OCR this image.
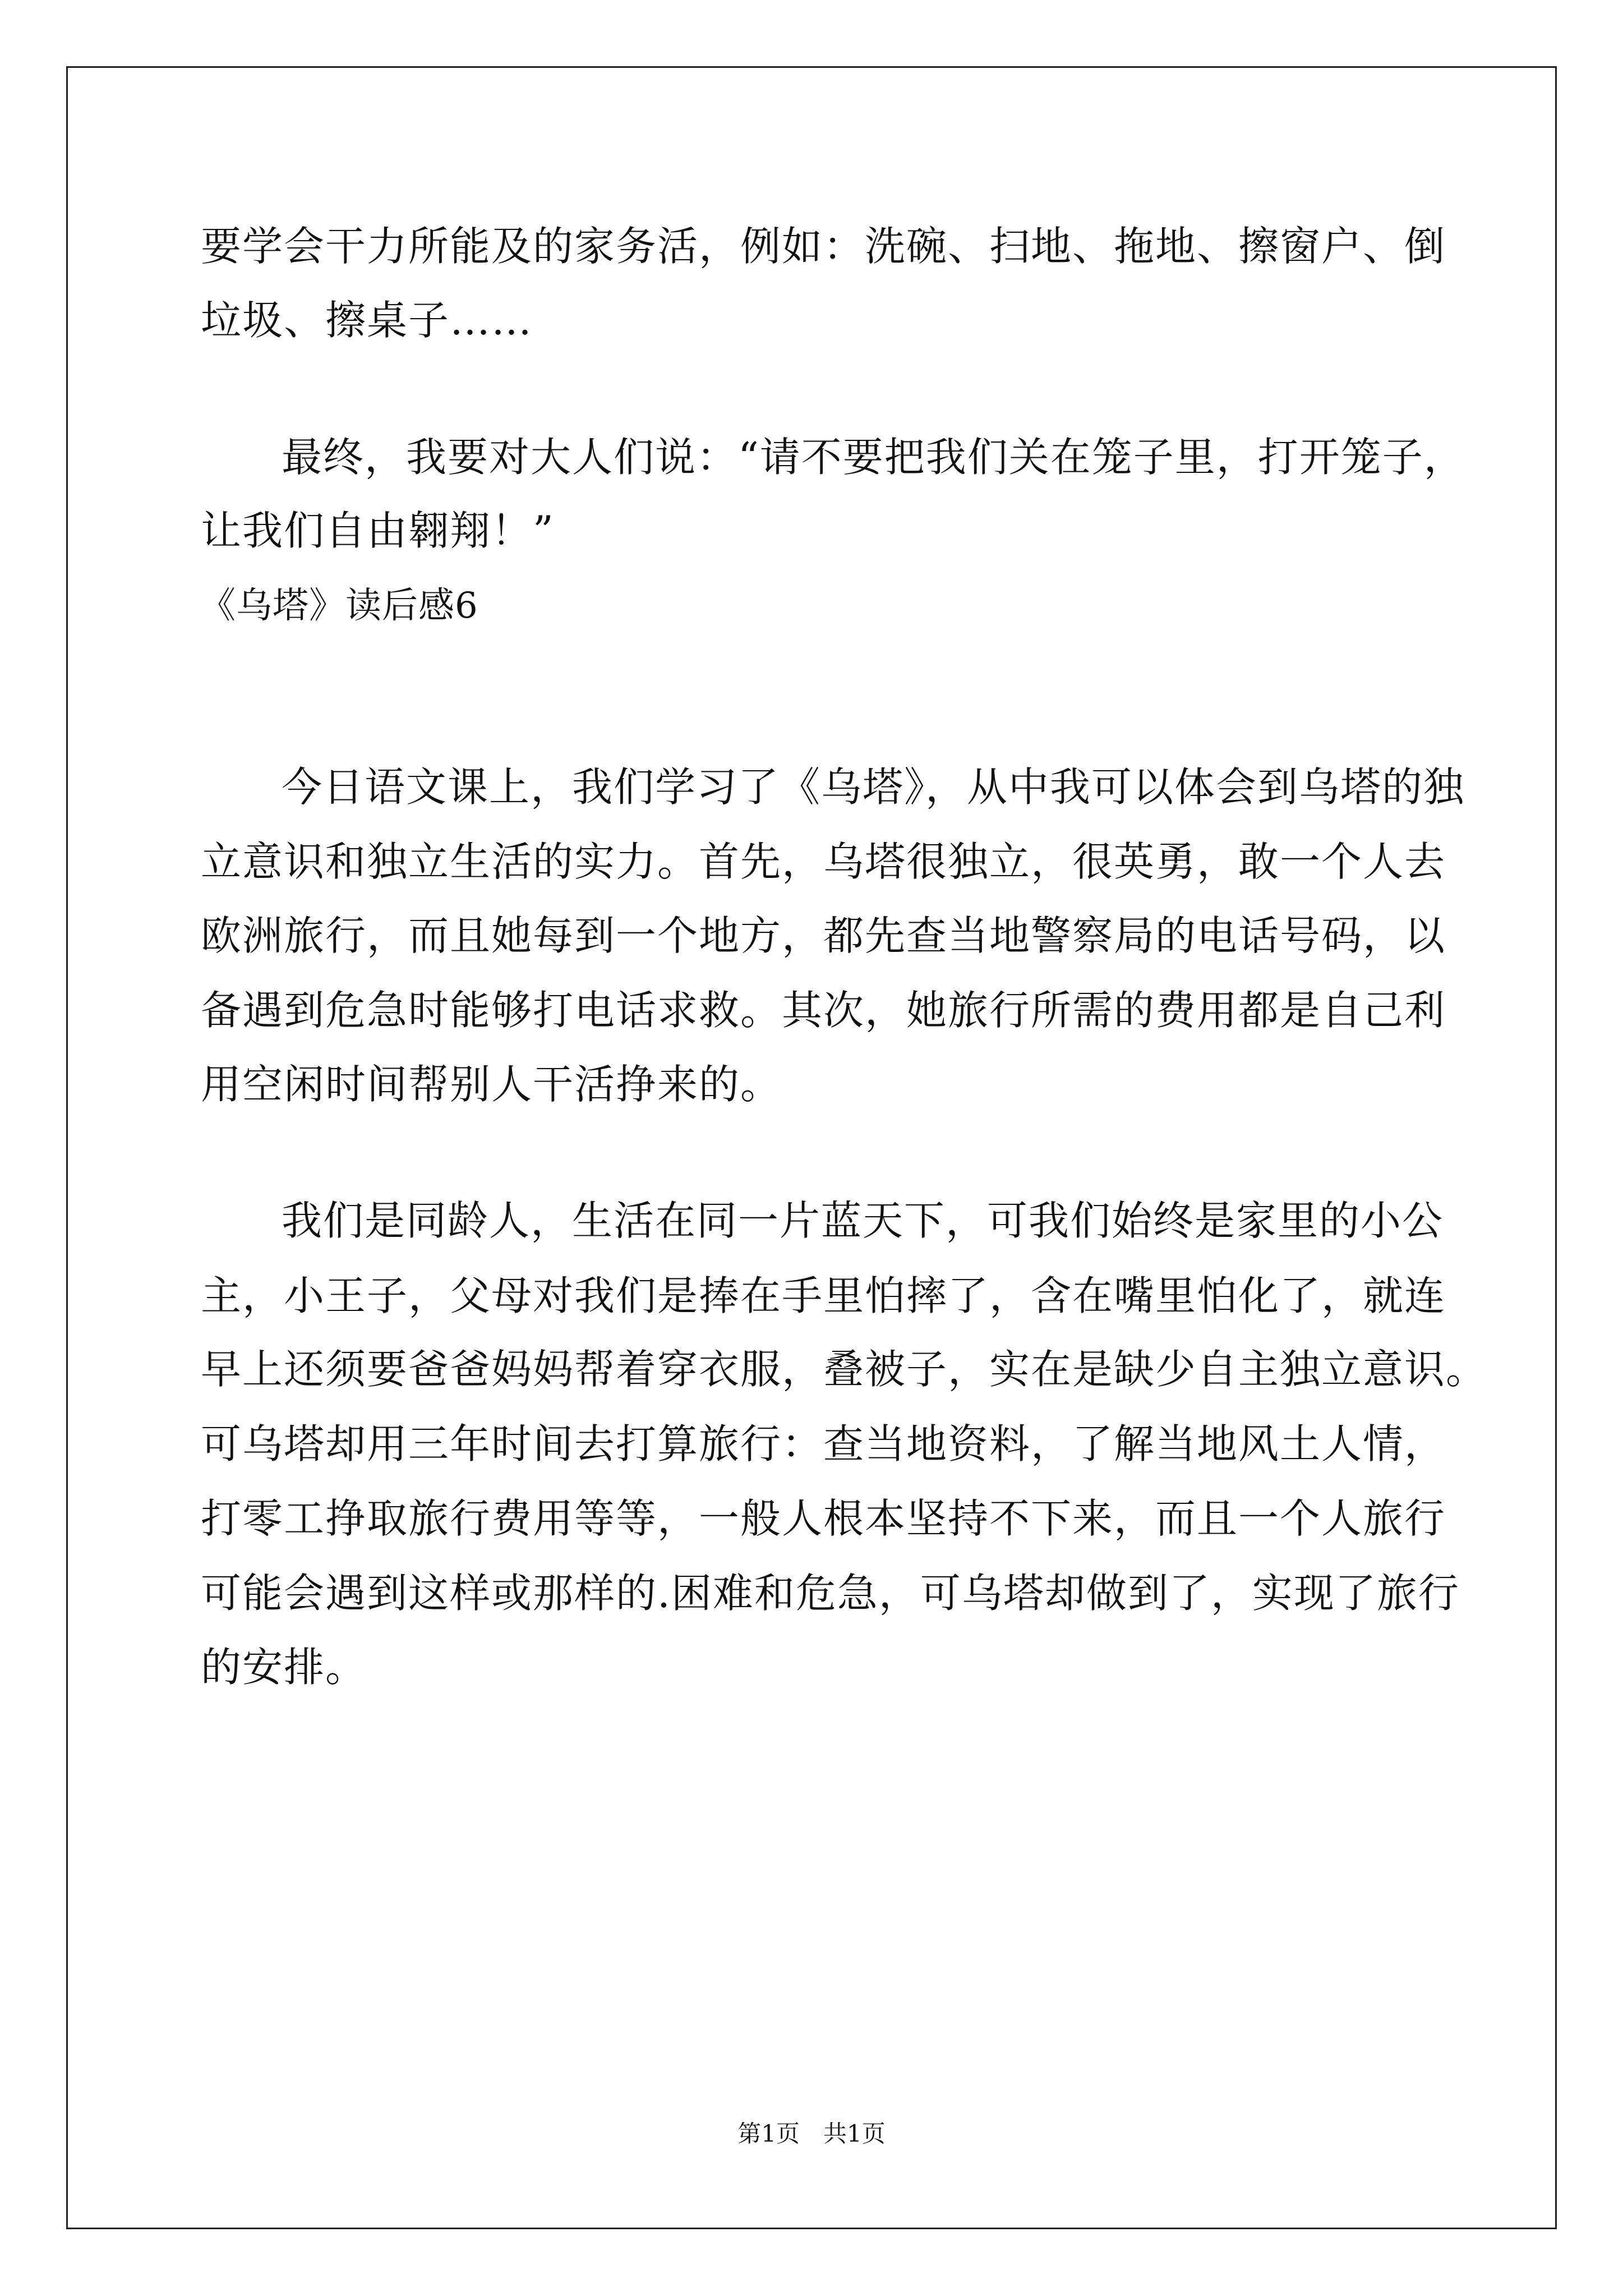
要学会干力所能及的家务活，例如：洗碗、扫地、拖地、擦窗户、倒
垃圾、擦桌子……
最终，我要对大人们说：“请不要把我们关在笼子里，打开笼子，
让我们自由翱翔！”
《乌塔》读后感6
今日语文课上，我们学习了《乌塔》，从中我可以体会到乌塔的独
立意识和独立生活的实力。首先，乌塔很独立，很英勇，敢一个人去
欧洲旅行，而且她每到一个地方，都先查当地警察局的电话号码，以
备遇到危急时能够打电话求救。其次，她旅行所需的费用都是自己利
用空闲时间帮别人干活挣来的。
我们是同龄人，生活在同一片蓝天下，可我们始终是家里的小公
主，小王子，父母对我们是捧在手里怕摔了，含在嘴里怕化了，就连
早上还须要爸爸妈妈帮着穿衣服，叠被子，实在是缺少自主独立意识。
可乌塔却用三年时间去打算旅行：查当地资料，了解当地风土人情，
打零工挣取旅行费用等等，一般人根本坚持不下来，而且一个人旅行
可能会遇到这样或那样的.困难和危急，可乌塔却做到了，实现了旅行
的安排。
第1页　共1页
